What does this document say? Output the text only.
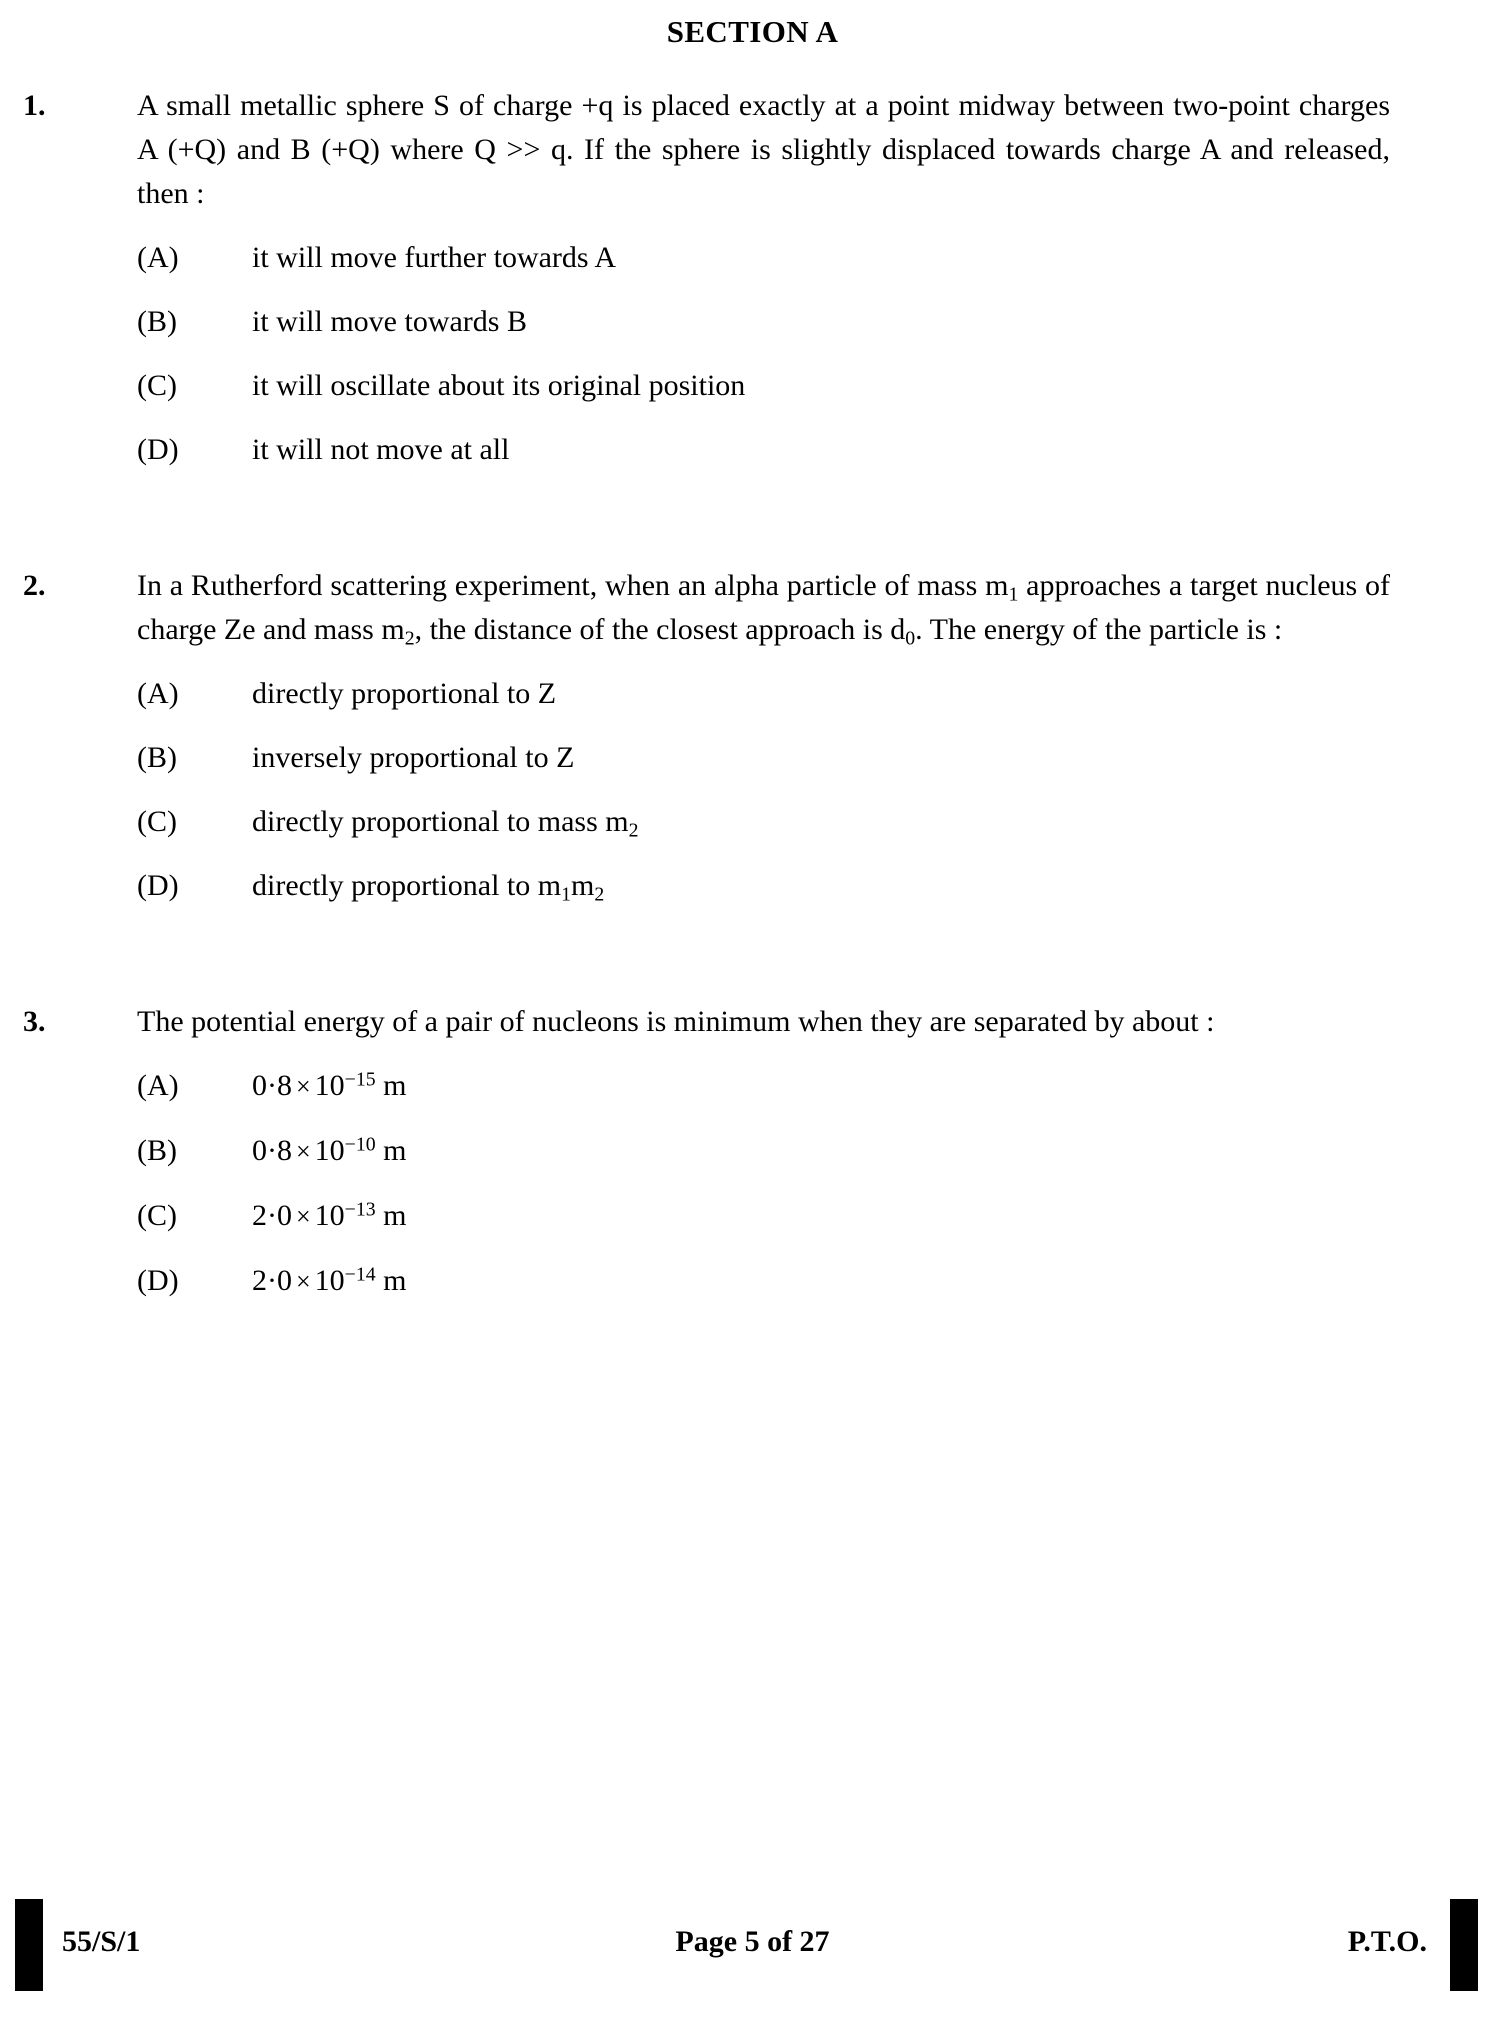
SECTION A
1.	A small metallic sphere S of charge +q is placed exactly at a point midway between two-point charges A (+Q) and B (+Q) where Q >> q. If the sphere is slightly displaced towards charge A and released, then :
(A)	it will move further towards A
(B)	it will move towards B
(C)	it will oscillate about its original position
(D)	it will not move at all
2.	In a Rutherford scattering experiment, when an alpha particle of mass $m_1$ approaches a target nucleus of charge Ze and mass $m_2$, the distance of the closest approach is $d_0$. The energy of the particle is :
(A)	directly proportional to Z
(B)	inversely proportional to Z
(C)	directly proportional to mass $m_2$
(D)	directly proportional to $m_1m_2$
3.	The potential energy of a pair of nucleons is minimum when they are separated by about :
(A)	$0\cdot 8 \times 10^{-15}$ m
(B)	$0\cdot 8 \times 10^{-10}$ m
(C)	$2\cdot 0 \times 10^{-13}$ m
(D)	$2\cdot 0 \times 10^{-14}$ m
55/S/1	Page 5 of 27	P.T.O.
